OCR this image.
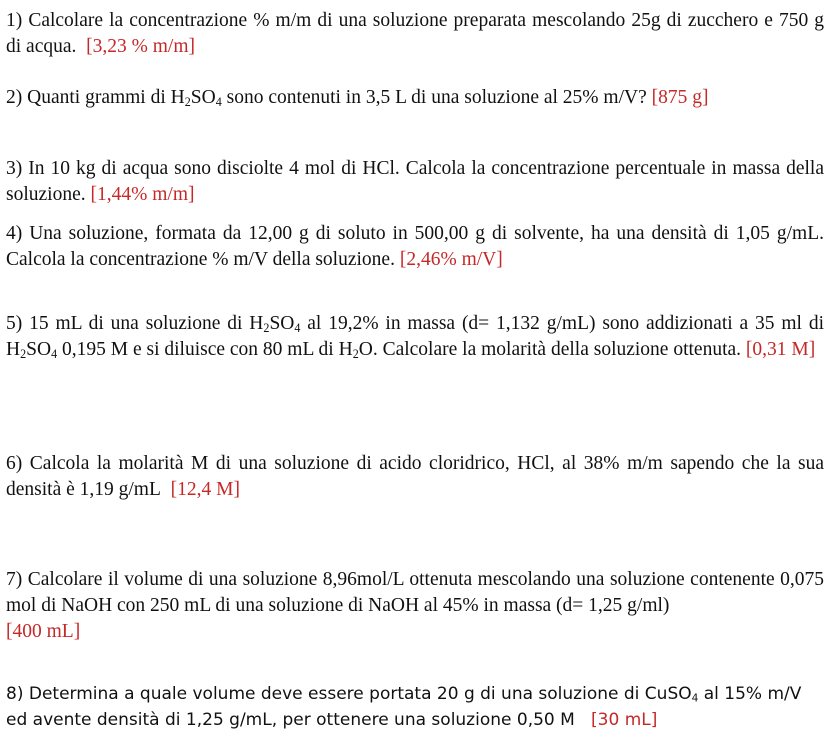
1) Calcolare la concentrazione % m/m di una soluzione preparata mescolando 25g di zucchero e 750 g di acqua. [3,23 % m/m]

2) Quanti grammi di $H_2SO_4$ sono contenuti in 3,5 L di una soluzione al 25% m/V? [875 g]

3) In 10 kg di acqua sono disciolte 4 mol di HCl. Calcola la concentrazione percentuale in massa della soluzione. [1,44% m/m]

4) Una soluzione, formata da 12,00 g di soluto in 500,00 g di solvente, ha una densità di 1,05 g/mL. Calcola la concentrazione % m/V della soluzione. [2,46% m/V]

5) 15 mL di una soluzione di $H_2SO_4$ al 19,2% in massa (d= 1,132 g/mL) sono addizionati a 35 ml di $H_2SO_4$ 0,195 M e si diluisce con 80 mL di $H_2O$. Calcolare la molarità della soluzione ottenuta. [0,31 M]

6) Calcola la molarità M di una soluzione di acido cloridrico, HCl, al 38% m/m sapendo che la sua densità è 1,19 g/mL [12,4 M]

7) Calcolare il volume di una soluzione 8,96mol/L ottenuta mescolando una soluzione contenente 0,075 mol di NaOH con 250 mL di una soluzione di NaOH al 45% in massa (d= 1,25 g/ml)
[400 mL]

8) Determina a quale volume deve essere portata 20 g di una soluzione di CuSO$_4$ al 15% m/V ed avente densità di 1,25 g/mL, per ottenere una soluzione 0,50 M [30 mL]
